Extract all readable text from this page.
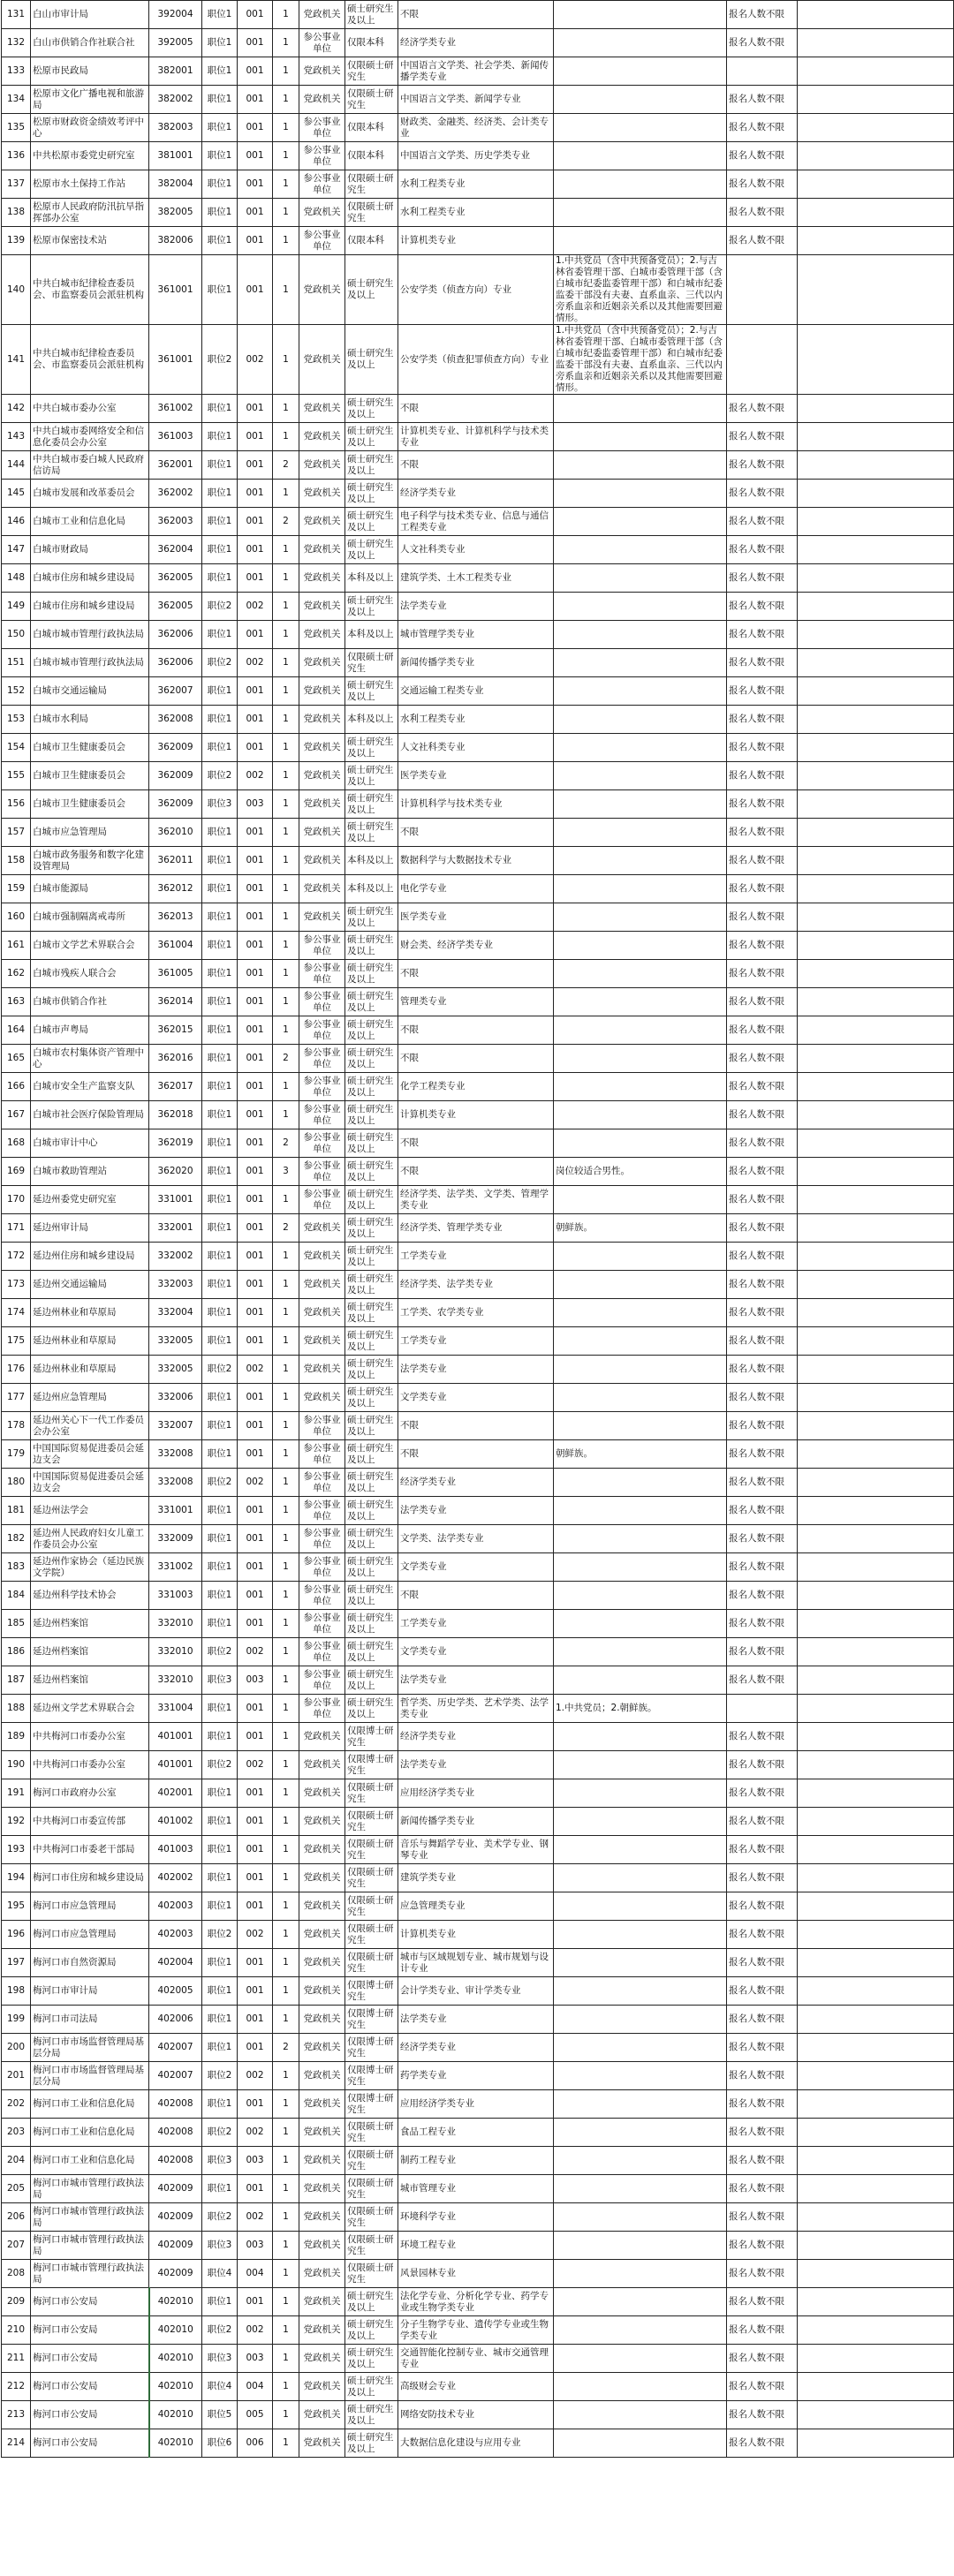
131	白山市审计局	392004	职位1	001	1	党政机关	硕士研究生及以上	不限		报名人数不限	
132	白山市供销合作社联合社	392005	职位1	001	1	参公事业单位	仅限本科	经济学类专业		报名人数不限	
133	松原市民政局	382001	职位1	001	1	党政机关	仅限硕士研究生	中国语言文学类、社会学类、新闻传播学类专业			
134	松原市文化广播电视和旅游局	382002	职位1	001	1	党政机关	仅限硕士研究生	中国语言文学类、新闻学专业		报名人数不限	
135	松原市财政资金绩效考评中心	382003	职位1	001	1	参公事业单位	仅限本科	财政类、金融类、经济类、会计类专业		报名人数不限	
136	中共松原市委党史研究室	381001	职位1	001	1	参公事业单位	仅限本科	中国语言文学类、历史学类专业		报名人数不限	
137	松原市水土保持工作站	382004	职位1	001	1	参公事业单位	仅限硕士研究生	水利工程类专业		报名人数不限	
138	松原市人民政府防汛抗旱指挥部办公室	382005	职位1	001	1	党政机关	仅限硕士研究生	水利工程类专业		报名人数不限	
139	松原市保密技术站	382006	职位1	001	1	参公事业单位	仅限本科	计算机类专业		报名人数不限	
140	中共白城市纪律检查委员会、市监察委员会派驻机构	361001	职位1	001	1	党政机关	硕士研究生及以上	公安学类（侦查方向）专业	1.中共党员（含中共预备党员）；2.与吉林省委管理干部、白城市委管理干部（含白城市纪委监委管理干部）和白城市纪委监委干部没有夫妻、直系血亲、三代以内旁系血亲和近姻亲关系以及其他需要回避情形。		
141	中共白城市纪律检查委员会、市监察委员会派驻机构	361001	职位2	002	1	党政机关	硕士研究生及以上	公安学类（侦查犯罪侦查方向）专业	1.中共党员（含中共预备党员）；2.与吉林省委管理干部、白城市委管理干部（含白城市纪委监委管理干部）和白城市纪委监委干部没有夫妻、直系血亲、三代以内旁系血亲和近姻亲关系以及其他需要回避情形。		
142	中共白城市委办公室	361002	职位1	001	1	党政机关	硕士研究生及以上	不限		报名人数不限	
143	中共白城市委网络安全和信息化委员会办公室	361003	职位1	001	1	党政机关	硕士研究生及以上	计算机类专业、计算机科学与技术类专业		报名人数不限	
144	中共白城市委白城人民政府信访局	362001	职位1	001	2	党政机关	硕士研究生及以上	不限		报名人数不限	
145	白城市发展和改革委员会	362002	职位1	001	1	党政机关	硕士研究生及以上	经济学类专业		报名人数不限	
146	白城市工业和信息化局	362003	职位1	001	2	党政机关	硕士研究生及以上	电子科学与技术类专业、信息与通信工程类专业		报名人数不限	
147	白城市财政局	362004	职位1	001	1	党政机关	硕士研究生及以上	人文社科类专业		报名人数不限	
148	白城市住房和城乡建设局	362005	职位1	001	1	党政机关	本科及以上	建筑学类、土木工程类专业		报名人数不限	
149	白城市住房和城乡建设局	362005	职位2	002	1	党政机关	硕士研究生及以上	法学类专业		报名人数不限	
150	白城市城市管理行政执法局	362006	职位1	001	1	党政机关	本科及以上	城市管理学类专业		报名人数不限	
151	白城市城市管理行政执法局	362006	职位2	002	1	党政机关	仅限硕士研究生	新闻传播学类专业		报名人数不限	
152	白城市交通运输局	362007	职位1	001	1	党政机关	硕士研究生及以上	交通运输工程类专业		报名人数不限	
153	白城市水利局	362008	职位1	001	1	党政机关	本科及以上	水利工程类专业		报名人数不限	
154	白城市卫生健康委员会	362009	职位1	001	1	党政机关	硕士研究生及以上	人文社科类专业		报名人数不限	
155	白城市卫生健康委员会	362009	职位2	002	1	党政机关	硕士研究生及以上	医学类专业		报名人数不限	
156	白城市卫生健康委员会	362009	职位3	003	1	党政机关	硕士研究生及以上	计算机科学与技术类专业		报名人数不限	
157	白城市应急管理局	362010	职位1	001	1	党政机关	硕士研究生及以上	不限		报名人数不限	
158	白城市政务服务和数字化建设管理局	362011	职位1	001	1	党政机关	本科及以上	数据科学与大数据技术专业		报名人数不限	
159	白城市能源局	362012	职位1	001	1	党政机关	本科及以上	电化学专业		报名人数不限	
160	白城市强制隔离戒毒所	362013	职位1	001	1	党政机关	硕士研究生及以上	医学类专业		报名人数不限	
161	白城市文学艺术界联合会	361004	职位1	001	1	参公事业单位	硕士研究生及以上	财会类、经济学类专业		报名人数不限	
162	白城市残疾人联合会	361005	职位1	001	1	参公事业单位	硕士研究生及以上	不限		报名人数不限	
163	白城市供销合作社	362014	职位1	001	1	参公事业单位	硕士研究生及以上	管理类专业		报名人数不限	
164	白城市声粤局	362015	职位1	001	1	参公事业单位	硕士研究生及以上	不限		报名人数不限	
165	白城市农村集体资产管理中心	362016	职位1	001	2	参公事业单位	硕士研究生及以上	不限		报名人数不限	
166	白城市安全生产监察支队	362017	职位1	001	1	参公事业单位	硕士研究生及以上	化学工程类专业		报名人数不限	
167	白城市社会医疗保险管理局	362018	职位1	001	1	参公事业单位	硕士研究生及以上	计算机类专业		报名人数不限	
168	白城市审计中心	362019	职位1	001	2	参公事业单位	硕士研究生及以上	不限		报名人数不限	
169	白城市救助管理站	362020	职位1	001	3	参公事业单位	硕士研究生及以上	不限	岗位较适合男性。	报名人数不限	
170	延边州委党史研究室	331001	职位1	001	1	参公事业单位	硕士研究生及以上	经济学类、法学类、文学类、管理学类专业		报名人数不限	
171	延边州审计局	332001	职位1	001	2	党政机关	硕士研究生及以上	经济学类、管理学类专业	朝鲜族。	报名人数不限	
172	延边州住房和城乡建设局	332002	职位1	001	1	党政机关	硕士研究生及以上	工学类专业		报名人数不限	
173	延边州交通运输局	332003	职位1	001	1	党政机关	硕士研究生及以上	经济学类、法学类专业		报名人数不限	
174	延边州林业和草原局	332004	职位1	001	1	党政机关	硕士研究生及以上	工学类、农学类专业		报名人数不限	
175	延边州林业和草原局	332005	职位1	001	1	党政机关	硕士研究生及以上	工学类专业		报名人数不限	
176	延边州林业和草原局	332005	职位2	002	1	党政机关	硕士研究生及以上	法学类专业		报名人数不限	
177	延边州应急管理局	332006	职位1	001	1	党政机关	硕士研究生及以上	文学类专业		报名人数不限	
178	延边州关心下一代工作委员会办公室	332007	职位1	001	1	参公事业单位	硕士研究生及以上	不限		报名人数不限	
179	中国国际贸易促进委员会延边支会	332008	职位1	001	1	参公事业单位	硕士研究生及以上	不限	朝鲜族。	报名人数不限	
180	中国国际贸易促进委员会延边支会	332008	职位2	002	1	参公事业单位	硕士研究生及以上	经济学类专业		报名人数不限	
181	延边州法学会	331001	职位1	001	1	参公事业单位	硕士研究生及以上	法学类专业		报名人数不限	
182	延边州人民政府妇女儿童工作委员会办公室	332009	职位1	001	1	参公事业单位	硕士研究生及以上	文学类、法学类专业		报名人数不限	
183	延边州作家协会（延边民族文学院）	331002	职位1	001	1	参公事业单位	硕士研究生及以上	文学类专业		报名人数不限	
184	延边州科学技术协会	331003	职位1	001	1	参公事业单位	硕士研究生及以上	不限		报名人数不限	
185	延边州档案馆	332010	职位1	001	1	参公事业单位	硕士研究生及以上	工学类专业		报名人数不限	
186	延边州档案馆	332010	职位2	002	1	参公事业单位	硕士研究生及以上	文学类专业		报名人数不限	
187	延边州档案馆	332010	职位3	003	1	参公事业单位	硕士研究生及以上	法学类专业		报名人数不限	
188	延边州文学艺术界联合会	331004	职位1	001	1	参公事业单位	硕士研究生及以上	哲学类、历史学类、艺术学类、法学类专业	1.中共党员；2.朝鲜族。		
189	中共梅河口市委办公室	401001	职位1	001	1	党政机关	仅限博士研究生	经济学类专业		报名人数不限	
190	中共梅河口市委办公室	401001	职位2	002	1	党政机关	仅限博士研究生	法学类专业		报名人数不限	
191	梅河口市政府办公室	402001	职位1	001	1	党政机关	仅限硕士研究生	应用经济学类专业		报名人数不限	
192	中共梅河口市委宣传部	401002	职位1	001	1	党政机关	仅限硕士研究生	新闻传播学类专业		报名人数不限	
193	中共梅河口市委老干部局	401003	职位1	001	1	党政机关	仅限硕士研究生	音乐与舞蹈学专业、美术学专业、钢琴专业		报名人数不限	
194	梅河口市住房和城乡建设局	402002	职位1	001	1	党政机关	仅限硕士研究生	建筑学类专业		报名人数不限	
195	梅河口市应急管理局	402003	职位1	001	1	党政机关	仅限硕士研究生	应急管理类专业		报名人数不限	
196	梅河口市应急管理局	402003	职位2	002	1	党政机关	仅限硕士研究生	计算机类专业		报名人数不限	
197	梅河口市自然资源局	402004	职位1	001	1	党政机关	仅限硕士研究生	城市与区域规划专业、城市规划与设计专业		报名人数不限	
198	梅河口市审计局	402005	职位1	001	1	党政机关	仅限博士研究生	会计学类专业、审计学类专业		报名人数不限	
199	梅河口市司法局	402006	职位1	001	1	党政机关	仅限博士研究生	法学类专业		报名人数不限	
200	梅河口市市场监督管理局基层分局	402007	职位1	001	2	党政机关	仅限博士研究生	经济学类专业		报名人数不限	
201	梅河口市市场监督管理局基层分局	402007	职位2	002	1	党政机关	仅限博士研究生	药学类专业		报名人数不限	
202	梅河口市工业和信息化局	402008	职位1	001	1	党政机关	仅限博士研究生	应用经济学类专业		报名人数不限	
203	梅河口市工业和信息化局	402008	职位2	002	1	党政机关	仅限硕士研究生	食品工程专业		报名人数不限	
204	梅河口市工业和信息化局	402008	职位3	003	1	党政机关	仅限硕士研究生	制药工程专业		报名人数不限	
205	梅河口市城市管理行政执法局	402009	职位1	001	1	党政机关	仅限硕士研究生	城市管理专业		报名人数不限	
206	梅河口市城市管理行政执法局	402009	职位2	002	1	党政机关	仅限硕士研究生	环境科学专业		报名人数不限	
207	梅河口市城市管理行政执法局	402009	职位3	003	1	党政机关	仅限硕士研究生	环境工程专业		报名人数不限	
208	梅河口市城市管理行政执法局	402009	职位4	004	1	党政机关	仅限硕士研究生	风景园林专业		报名人数不限	
209	梅河口市公安局	402010	职位1	001	1	党政机关	硕士研究生及以上	法化学专业、分析化学专业、药学专业或生物学类专业		报名人数不限	
210	梅河口市公安局	402010	职位2	002	1	党政机关	硕士研究生及以上	分子生物学专业、遗传学专业或生物学类专业		报名人数不限	
211	梅河口市公安局	402010	职位3	003	1	党政机关	硕士研究生及以上	交通智能化控制专业、城市交通管理专业		报名人数不限	
212	梅河口市公安局	402010	职位4	004	1	党政机关	硕士研究生及以上	高级财会专业		报名人数不限	
213	梅河口市公安局	402010	职位5	005	1	党政机关	硕士研究生及以上	网络安防技术专业		报名人数不限	
214	梅河口市公安局	402010	职位6	006	1	党政机关	硕士研究生及以上	大数据信息化建设与应用专业		报名人数不限	
